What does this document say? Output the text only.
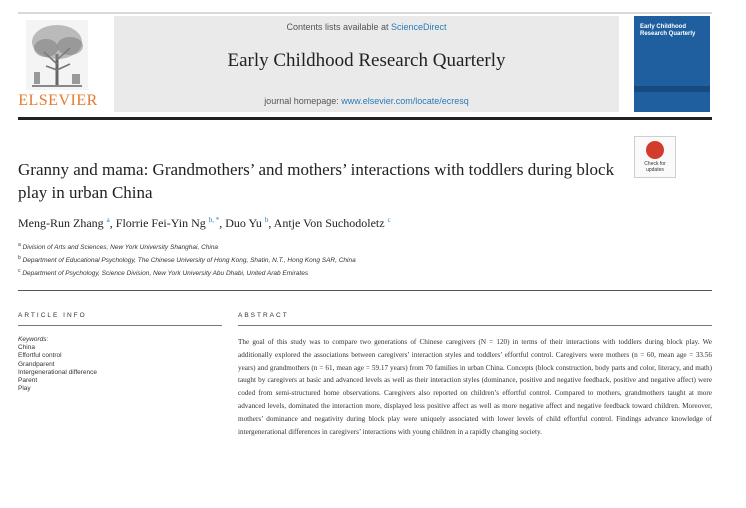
ELSEVIER
Contents lists available at ScienceDirect
Early Childhood Research Quarterly
journal homepage: www.elsevier.com/locate/ecresq
Early Childhood Research Quarterly
Check for updates
Granny and mama: Grandmothers’ and mothers’ interactions with toddlers during block play in urban China
Meng-Run Zhang $^a$, Florrie Fei-Yin Ng $^{b, *}$, Duo Yu $^b$, Antje Von Suchodoletz $^c$
$^a$ Division of Arts and Sciences, New York University Shanghai, China
$^b$ Department of Educational Psychology, The Chinese University of Hong Kong, Shatin, N.T., Hong Kong SAR, China
$^c$ Department of Psychology, Science Division, New York University Abu Dhabi, United Arab Emirates
ARTICLE INFO
Keywords:
China
Effortful control
Grandparent
Intergenerational difference
Parent
Play
ABSTRACT
The goal of this study was to compare two generations of Chinese caregivers (N = 120) in terms of their interactions with toddlers during block play. We additionally explored the associations between caregivers’ interaction styles and toddlers’ effortful control. Caregivers were mothers (n = 60, mean age = 33.56 years) and grandmothers (n = 61, mean age = 59.17 years) from 70 families in urban China. Concepts (block construction, body parts and color, literacy, and math) taught by caregivers at basic and advanced levels as well as their interaction styles (dominance, positive and negative feedback, positive and negative affect) were coded from semi-structured home observations. Caregivers also reported on children’s effortful control. Compared to mothers, grandmothers taught at more advanced levels, dominated the interaction more, displayed less positive affect as well as more negative affect and negative feedback toward children. Moreover, mothers’ dominance and negativity during block play were uniquely associated with lower levels of child effortful control. Findings advance knowledge of intergenerational differences in caregivers’ interactions with young children in a rapidly changing society.
